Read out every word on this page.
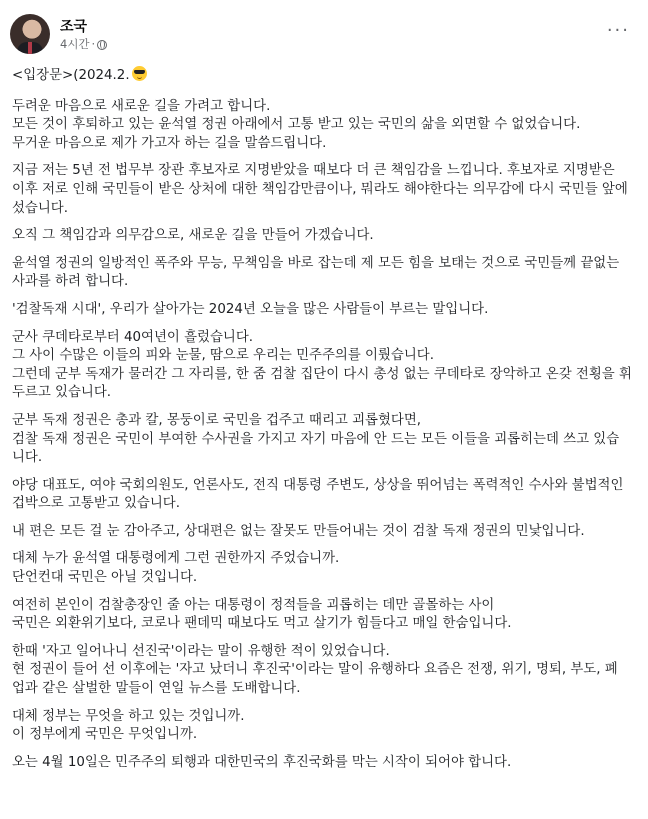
조국
4시간 ·
···
<입장문>(2024.2.
두려운 마음으로 새로운 길을 가려고 합니다.
모든 것이 후퇴하고 있는 윤석열 정권 아래에서 고통 받고 있는 국민의 삶을 외면할 수 없었습니다.
무거운 마음으로 제가 가고자 하는 길을 말씀드립니다.
지금 저는 5년 전 법무부 장관 후보자로 지명받았을 때보다 더 큰 책임감을 느낍니다. 후보자로 지명받은
이후 저로 인해 국민들이 받은 상처에 대한 책임감만큼이나, 뭐라도 해야한다는 의무감에 다시 국민들 앞에
섰습니다.
오직 그 책임감과 의무감으로, 새로운 길을 만들어 가겠습니다.
윤석열 정권의 일방적인 폭주와 무능, 무책임을 바로 잡는데 제 모든 힘을 보태는 것으로 국민들께 끝없는
사과를 하려 합니다.
'검찰독재 시대', 우리가 살아가는 2024년 오늘을 많은 사람들이 부르는 말입니다.
군사 쿠데타로부터 40여년이 흘렀습니다.
그 사이 수많은 이들의 피와 눈물, 땀으로 우리는 민주주의를 이뤘습니다.
그런데 군부 독재가 물러간 그 자리를, 한 줌 검찰 집단이 다시 총성 없는 쿠데타로 장악하고 온갖 전횡을 휘
두르고 있습니다.
군부 독재 정권은 총과 칼, 몽둥이로 국민을 겁주고 때리고 괴롭혔다면,
검찰 독재 정권은 국민이 부여한 수사권을 가지고 자기 마음에 안 드는 모든 이들을 괴롭히는데 쓰고 있습
니다.
야당 대표도, 여야 국회의원도, 언론사도, 전직 대통령 주변도, 상상을 뛰어넘는 폭력적인 수사와 불법적인
겁박으로 고통받고 있습니다.
내 편은 모든 걸 눈 감아주고, 상대편은 없는 잘못도 만들어내는 것이 검찰 독재 정권의 민낯입니다.
대체 누가 윤석열 대통령에게 그런 권한까지 주었습니까.
단언컨대 국민은 아닐 것입니다.
여전히 본인이 검찰총장인 줄 아는 대통령이 정적들을 괴롭히는 데만 골몰하는 사이
국민은 외환위기보다, 코로나 팬데믹 때보다도 먹고 살기가 힘들다고 매일 한숨입니다.
한때 '자고 일어나니 선진국'이라는 말이 유행한 적이 있었습니다.
현 정권이 들어 선 이후에는 '자고 났더니 후진국'이라는 말이 유행하다 요즘은 전쟁, 위기, 명퇴, 부도, 폐
업과 같은 살벌한 말들이 연일 뉴스를 도배합니다.
대체 정부는 무엇을 하고 있는 것입니까.
이 정부에게 국민은 무엇입니까.
오는 4월 10일은 민주주의 퇴행과 대한민국의 후진국화를 막는 시작이 되어야 합니다.
